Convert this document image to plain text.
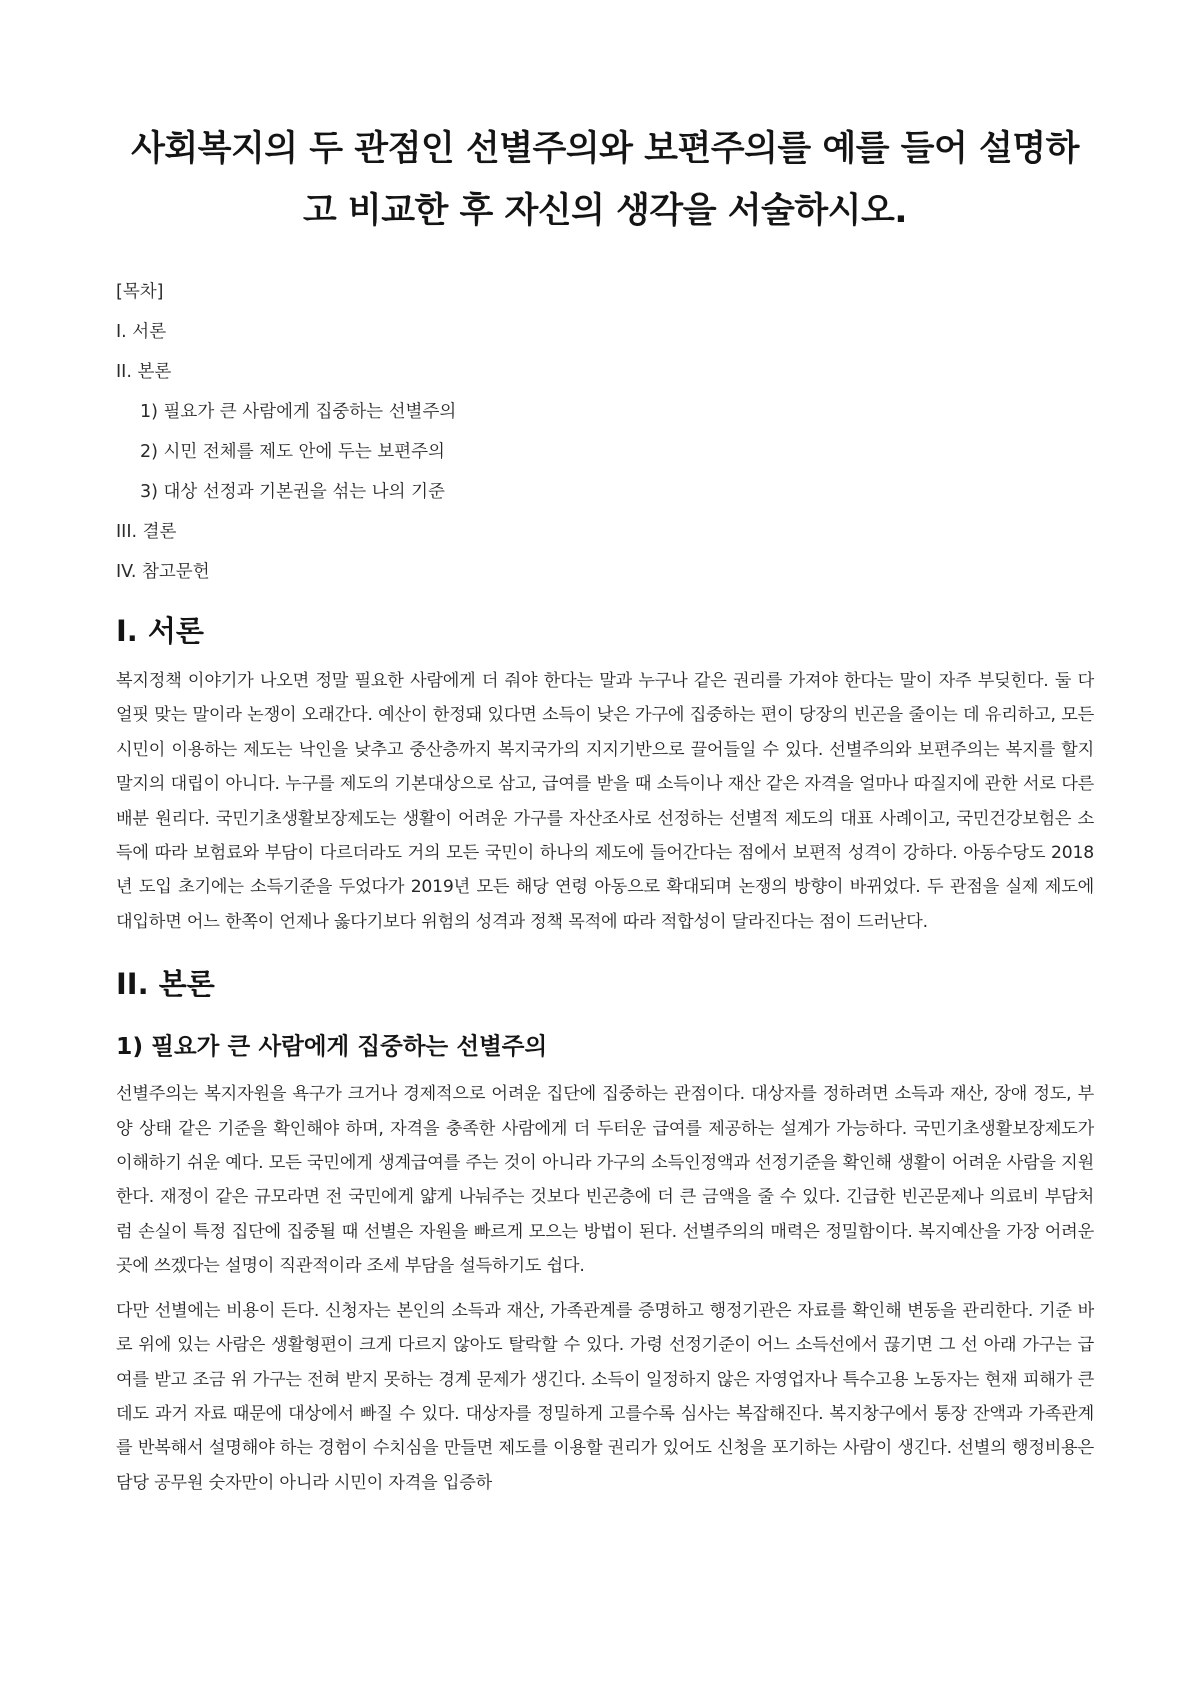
사회복지의 두 관점인 선별주의와 보편주의를 예를 들어 설명하고 비교한 후 자신의 생각을 서술하시오.
[목차]
I. 서론
II. 본론
1) 필요가 큰 사람에게 집중하는 선별주의
2) 시민 전체를 제도 안에 두는 보편주의
3) 대상 선정과 기본권을 섞는 나의 기준
III. 결론
IV. 참고문헌
I. 서론

복지정책 이야기가 나오면 정말 필요한 사람에게 더 줘야 한다는 말과 누구나 같은 권리를 가져야 한다는 말이 자주 부딪힌다. 둘 다 얼핏 맞는 말이라 논쟁이 오래간다. 예산이 한정돼 있다면 소득이 낮은 가구에 집중하는 편이 당장의 빈곤을 줄이는 데 유리하고, 모든 시민이 이용하는 제도는 낙인을 낮추고 중산층까지 복지국가의 지지기반으로 끌어들일 수 있다. 선별주의와 보편주의는 복지를 할지 말지의 대립이 아니다. 누구를 제도의 기본대상으로 삼고, 급여를 받을 때 소득이나 재산 같은 자격을 얼마나 따질지에 관한 서로 다른 배분 원리다. 국민기초생활보장제도는 생활이 어려운 가구를 자산조사로 선정하는 선별적 제도의 대표 사례이고, 국민건강보험은 소득에 따라 보험료와 부담이 다르더라도 거의 모든 국민이 하나의 제도에 들어간다는 점에서 보편적 성격이 강하다. 아동수당도 2018년 도입 초기에는 소득기준을 두었다가 2019년 모든 해당 연령 아동으로 확대되며 논쟁의 방향이 바뀌었다. 두 관점을 실제 제도에 대입하면 어느 한쪽이 언제나 옳다기보다 위험의 성격과 정책 목적에 따라 적합성이 달라진다는 점이 드러난다.

II. 본론
1) 필요가 큰 사람에게 집중하는 선별주의

선별주의는 복지자원을 욕구가 크거나 경제적으로 어려운 집단에 집중하는 관점이다. 대상자를 정하려면 소득과 재산, 장애 정도, 부양 상태 같은 기준을 확인해야 하며, 자격을 충족한 사람에게 더 두터운 급여를 제공하는 설계가 가능하다. 국민기초생활보장제도가 이해하기 쉬운 예다. 모든 국민에게 생계급여를 주는 것이 아니라 가구의 소득인정액과 선정기준을 확인해 생활이 어려운 사람을 지원한다. 재정이 같은 규모라면 전 국민에게 얇게 나눠주는 것보다 빈곤층에 더 큰 금액을 줄 수 있다. 긴급한 빈곤문제나 의료비 부담처럼 손실이 특정 집단에 집중될 때 선별은 자원을 빠르게 모으는 방법이 된다. 선별주의의 매력은 정밀함이다. 복지예산을 가장 어려운 곳에 쓰겠다는 설명이 직관적이라 조세 부담을 설득하기도 쉽다.

다만 선별에는 비용이 든다. 신청자는 본인의 소득과 재산, 가족관계를 증명하고 행정기관은 자료를 확인해 변동을 관리한다. 기준 바로 위에 있는 사람은 생활형편이 크게 다르지 않아도 탈락할 수 있다. 가령 선정기준이 어느 소득선에서 끊기면 그 선 아래 가구는 급여를 받고 조금 위 가구는 전혀 받지 못하는 경계 문제가 생긴다. 소득이 일정하지 않은 자영업자나 특수고용 노동자는 현재 피해가 큰데도 과거 자료 때문에 대상에서 빠질 수 있다. 대상자를 정밀하게 고를수록 심사는 복잡해진다. 복지창구에서 통장 잔액과 가족관계를 반복해서 설명해야 하는 경험이 수치심을 만들면 제도를 이용할 권리가 있어도 신청을 포기하는 사람이 생긴다. 선별의 행정비용은 담당 공무원 숫자만이 아니라 시민이 자격을 입증하
